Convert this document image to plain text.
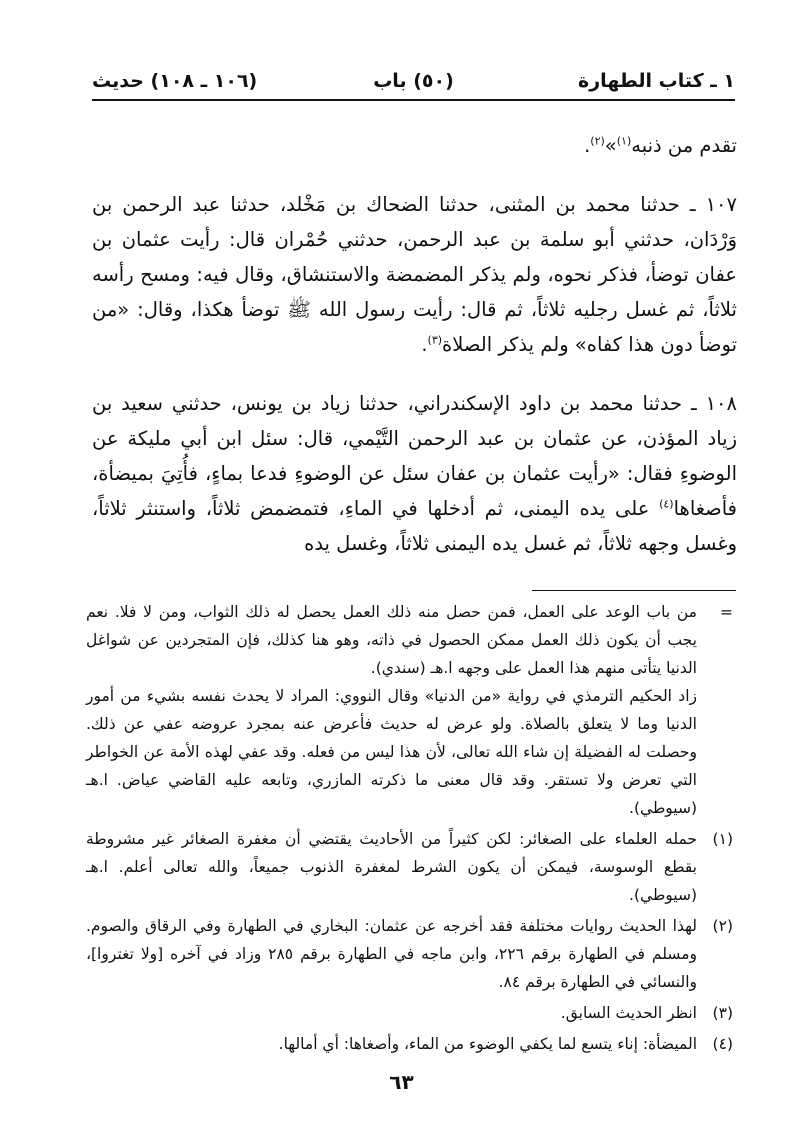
١ ـ كتاب الطهارة
(٥٠) باب
(١٠٦ ـ ١٠٨) حديث

تقدم من ذنبه$^{(١)}$»$^{(٢)}$.

١٠٧ ـ حدثنا محمد بن المثنى، حدثنا الضحاك بن مَخْلد، حدثنا عبد الرحمن بن وَرْدَان، حدثني أبو سلمة بن عبد الرحمن، حدثني حُمْران قال: رأيت عثمان بن عفان توضأ، فذكر نحوه، ولم يذكر المضمضة والاستنشاق، وقال فيه: ومسح رأسه ثلاثاً، ثم غسل رجليه ثلاثاً، ثم قال: رأيت رسول الله ﷺ توضأ هكذا، وقال: «من توضأ دون هذا كفاه» ولم يذكر الصلاة$^{(٣)}$.

١٠٨ ـ حدثنا محمد بن داود الإسكندراني، حدثنا زياد بن يونس، حدثني سعيد بن زياد المؤذن، عن عثمان بن عبد الرحمن التَّيْمي، قال: سئل ابن أبي مليكة عن الوضوءِ فقال: «رأيت عثمان بن عفان سئل عن الوضوءِ فدعا بماءٍ، فأُتِيَ بميضأة، فأصغاها$^{(٤)}$ على يده اليمنى، ثم أدخلها في الماءِ، فتمضمض ثلاثاً، واستنثر ثلاثاً، وغسل وجهه ثلاثاً، ثم غسل يده اليمنى ثلاثاً، وغسل يده

=

من باب الوعد على العمل، فمن حصل منه ذلك العمل يحصل له ذلك الثواب، ومن لا فلا. نعم يجب أن يكون ذلك العمل ممكن الحصول في ذاته، وهو هنا كذلك، فإن المتجردين عن شواغل الدنيا يتأتى منهم هذا العمل على وجهه ا.هـ (سندي).

زاد الحكيم الترمذي في رواية «من الدنيا» وقال النووي: المراد لا يحدث نفسه بشيء من أمور الدنيا وما لا يتعلق بالصلاة. ولو عرض له حديث فأعرض عنه بمجرد عروضه عفي عن ذلك. وحصلت له الفضيلة إن شاء الله تعالى، لأن هذا ليس من فعله. وقد عفي لهذه الأمة عن الخواطر التي تعرض ولا تستقر. وقد قال معنى ما ذكرته المازري، وتابعه عليه القاضي عياض. ا.هـ (سيوطي).

(١)

حمله العلماء على الصغائر: لكن كثيراً من الأحاديث يقتضي أن مغفرة الصغائر غير مشروطة بقطع الوسوسة، فيمكن أن يكون الشرط لمغفرة الذنوب جميعاً، والله تعالى أعلم. ا.هـ (سيوطي).

(٢)

لهذا الحديث روايات مختلفة فقد أخرجه عن عثمان: البخاري في الطهارة وفي الرقاق والصوم. ومسلم في الطهارة برقم ٢٢٦، وابن ماجه في الطهارة برقم ٢٨٥ وزاد في آخره [ولا تغتروا]، والنسائي في الطهارة برقم ٨٤.

(٣)

انظر الحديث السابق.

(٤)

الميضأة: إناء يتسع لما يكفي الوضوء من الماء، وأصغاها: أي أمالها.

٦٣
